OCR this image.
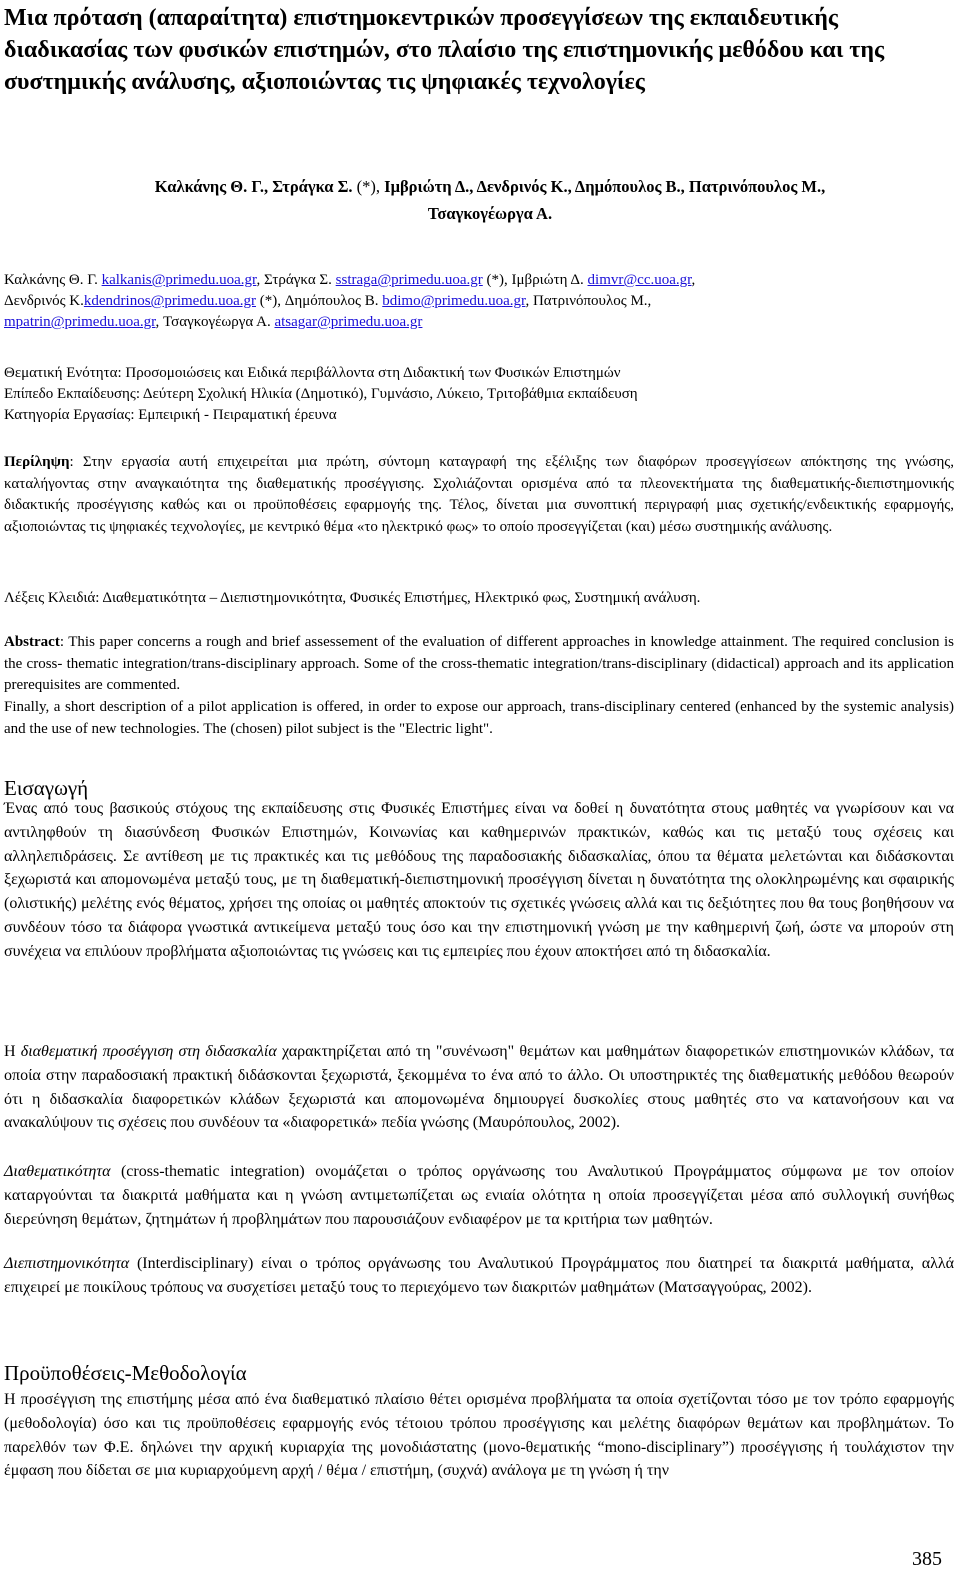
Μια πρόταση (απαραίτητα) επιστημοκεντρικών προσεγγίσεων της εκπαιδευτικής διαδικασίας των φυσικών επιστημών, στο πλαίσιο της επιστημονικής μεθόδου και της συστημικής ανάλυσης, αξιοποιώντας τις ψηφιακές τεχνολογίες

Καλκάνης Θ. Γ., Στράγκα Σ. (*), Ιμβριώτη Δ., Δενδρινός Κ., Δημόπουλος Β., Πατρινόπουλος Μ., Τσαγκογέωργα Α.

Καλκάνης Θ. Γ. kalkanis@primedu.uoa.gr, Στράγκα Σ. sstraga@primedu.uoa.gr (*), Ιμβριώτη Δ. dimvr@cc.uoa.gr,
Δενδρινός Κ.kdendrinos@primedu.uoa.gr (*), Δημόπουλος Β. bdimo@primedu.uoa.gr, Πατρινόπουλος Μ.,
mpatrin@primedu.uoa.gr, Τσαγκογέωργα Α. atsagar@primedu.uoa.gr
Θεματική Ενότητα: Προσομοιώσεις και Ειδικά περιβάλλοντα στη Διδακτική των Φυσικών Επιστημών
Επίπεδο Εκπαίδευσης: Δεύτερη Σχολική Ηλικία (Δημοτικό), Γυμνάσιο, Λύκειο, Τριτοβάθμια εκπαίδευση
Κατηγορία Εργασίας: Εμπειρική - Πειραματική έρευνα

Περίληψη: Στην εργασία αυτή επιχειρείται μια πρώτη, σύντομη καταγραφή της εξέλιξης των διαφόρων προσεγγίσεων απόκτησης της γνώσης, καταλήγοντας στην αναγκαιότητα της διαθεματικής προσέγγισης. Σχολιάζονται ορισμένα από τα πλεονεκτήματα της διαθεματικής-διεπιστημονικής διδακτικής προσέγγισης καθώς και οι προϋποθέσεις εφαρμογής της. Τέλος, δίνεται μια συνοπτική περιγραφή μιας σχετικής/ενδεικτικής εφαρμογής, αξιοποιώντας τις ψηφιακές τεχνολογίες, με κεντρικό θέμα «το ηλεκτρικό φως» το οποίο προσεγγίζεται (και) μέσω συστημικής ανάλυσης.

Λέξεις Κλειδιά: Διαθεματικότητα – Διεπιστημονικότητα, Φυσικές Επιστήμες, Ηλεκτρικό φως, Συστημική ανάλυση.

Abstract: This paper concerns a rough and brief assessement of the evaluation of different approaches in knowledge attainment. The required conclusion is the cross- thematic integration/trans-disciplinary approach. Some of the cross-thematic integration/trans-disciplinary (didactical) approach and its application prerequisites are commented.

Finally, a short description of a pilot application is offered, in order to expose our approach, trans-disciplinary centered (enhanced by the systemic analysis) and the use of new technologies. The (chosen) pilot subject is the "Electric light".

Εισαγωγή

Ένας από τους βασικούς στόχους της εκπαίδευσης στις Φυσικές Επιστήμες είναι να δοθεί η δυνατότητα στους μαθητές να γνωρίσουν και να αντιληφθούν τη διασύνδεση Φυσικών Επιστημών, Κοινωνίας και καθημερινών πρακτικών, καθώς και τις μεταξύ τους σχέσεις και αλληλεπιδράσεις. Σε αντίθεση με τις πρακτικές και τις μεθόδους της παραδοσιακής διδασκαλίας, όπου τα θέματα μελετώνται και διδάσκονται ξεχωριστά και απομονωμένα μεταξύ τους, με τη διαθεματική-διεπιστημονική προσέγγιση δίνεται η δυνατότητα της ολοκληρωμένης και σφαιρικής (ολιστικής) μελέτης ενός θέματος, χρήσει της οποίας οι μαθητές αποκτούν τις σχετικές γνώσεις αλλά και τις δεξιότητες που θα τους βοηθήσουν να συνδέουν τόσο τα διάφορα γνωστικά αντικείμενα μεταξύ τους όσο και την επιστημονική γνώση με την καθημερινή ζωή, ώστε να μπορούν στη συνέχεια να επιλύουν προβλήματα αξιοποιώντας τις γνώσεις και τις εμπειρίες που έχουν αποκτήσει από τη διδασκαλία.

Η διαθεματική προσέγγιση στη διδασκαλία χαρακτηρίζεται από τη "συνένωση" θεμάτων και μαθημάτων διαφορετικών επιστημονικών κλάδων, τα οποία στην παραδοσιακή πρακτική διδάσκονται ξεχωριστά, ξεκομμένα το ένα από το άλλο. Οι υποστηρικτές της διαθεματικής μεθόδου θεωρούν ότι η διδασκαλία διαφορετικών κλάδων ξεχωριστά και απομονωμένα δημιουργεί δυσκολίες στους μαθητές στο να κατανοήσουν και να ανακαλύψουν τις σχέσεις που συνδέουν τα «διαφορετικά» πεδία γνώσης (Μαυρόπουλος, 2002).

Διαθεματικότητα (cross-thematic integration) ονομάζεται ο τρόπος οργάνωσης του Αναλυτικού Προγράμματος σύμφωνα με τον οποίον καταργούνται τα διακριτά μαθήματα και η γνώση αντιμετωπίζεται ως ενιαία ολότητα η οποία προσεγγίζεται μέσα από συλλογική συνήθως διερεύνηση θεμάτων, ζητημάτων ή προβλημάτων που παρουσιάζουν ενδιαφέρον με τα κριτήρια των μαθητών.

Διεπιστημονικότητα (Interdisciplinary) είναι ο τρόπος οργάνωσης του Αναλυτικού Προγράμματος που διατηρεί τα διακριτά μαθήματα, αλλά επιχειρεί με ποικίλους τρόπους να συσχετίσει μεταξύ τους το περιεχόμενο των διακριτών μαθημάτων (Ματσαγγούρας, 2002).

Προϋποθέσεις-Μεθοδολογία

Η προσέγγιση της επιστήμης μέσα από ένα διαθεματικό πλαίσιο θέτει ορισμένα προβλήματα τα οποία σχετίζονται τόσο με τον τρόπο εφαρμογής (μεθοδολογία) όσο και τις προϋποθέσεις εφαρμογής ενός τέτοιου τρόπου προσέγγισης και μελέτης διαφόρων θεμάτων και προβλημάτων. Το παρελθόν των Φ.Ε. δηλώνει την αρχική κυριαρχία της μονοδιάστατης (μονο-θεματικής “mono-disciplinary”) προσέγγισης ή τουλάχιστον την έμφαση που δίδεται σε μια κυριαρχούμενη αρχή / θέμα / επιστήμη, (συχνά) ανάλογα με τη γνώση ή την

385
